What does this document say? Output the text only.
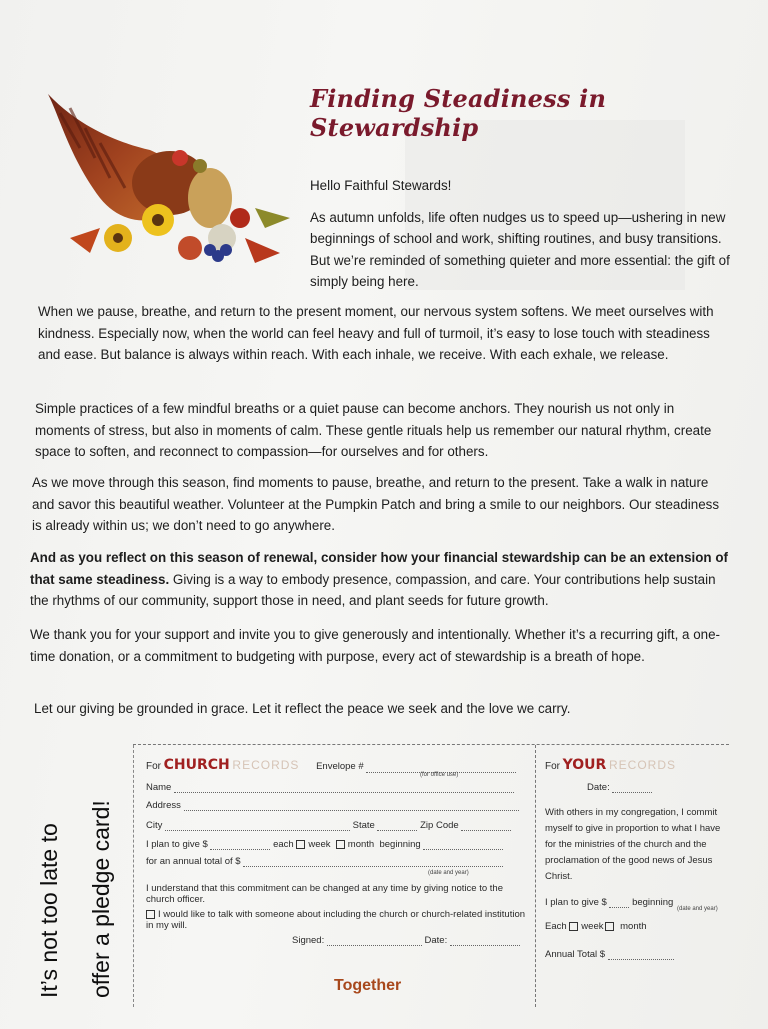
Finding Steadiness in Stewardship

Hello Faithful Stewards!

As autumn unfolds, life often nudges us to speed up—ushering in new beginnings of school and work, shifting routines, and busy transitions. But we’re reminded of something quieter and more essential: the gift of simply being here.

When we pause, breathe, and return to the present moment, our nervous system softens. We meet ourselves with kindness. Especially now, when the world can feel heavy and full of turmoil, it’s easy to lose touch with steadiness and ease. But balance is always within reach. With each inhale, we receive. With each exhale, we release.

Simple practices of a few mindful breaths or a quiet pause can become anchors. They nourish us not only in moments of stress, but also in moments of calm. These gentle rituals help us remember our natural rhythm, create space to soften, and reconnect to compassion—for ourselves and for others.

As we move through this season, find moments to pause, breathe, and return to the present. Take a walk in nature and savor this beautiful weather. Volunteer at the Pumpkin Patch and bring a smile to our neighbors. Our steadiness is already within us; we don’t need to go anywhere.

And as you reflect on this season of renewal, consider how your financial stewardship can be an extension of that same steadiness. Giving is a way to embody presence, compassion, and care. Your contributions help sustain the rhythms of our community, support those in need, and plant seeds for future growth.

We thank you for your support and invite you to give generously and intentionally. Whether it’s a recurring gift, a one-time donation, or a commitment to budgeting with purpose, every act of stewardship is a breath of hope.

Let our giving be grounded in grace. Let it reflect the peace we seek and the love we carry.

It’s not too late to offer a pledge card!
For CHURCH RECORDS Envelope #
(for office use)
Name
Address
City	State	Zip Code
I plan to give $	each week month beginning
for an annual total of $
(date and year)
I understand that this commitment can be changed at any time by giving notice to the church officer.
I would like to talk with someone about including the church or church-related institution in my will.
Signed:	Date:
Together
For YOUR RECORDS
Date:
With others in my congregation, I commit myself to give in proportion to what I have for the ministries of the church and the proclamation of the good news of Jesus Christ.
I plan to give $	beginning
(date and year)
Each week month
Annual Total $
